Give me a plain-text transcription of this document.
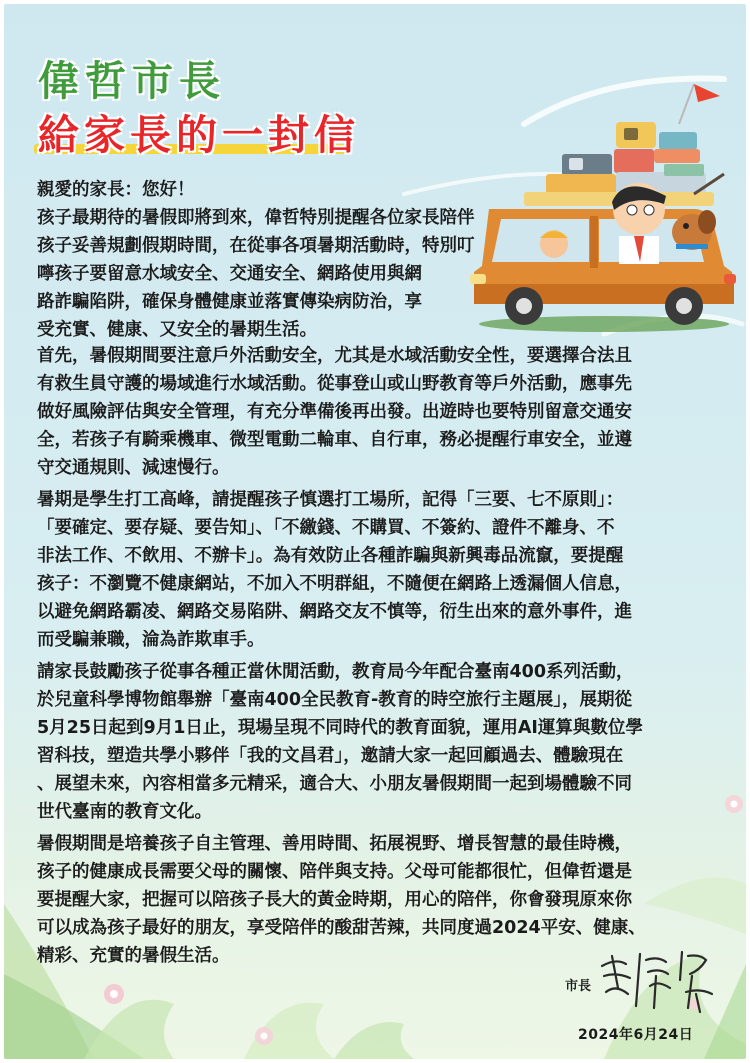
偉哲市長
給家長的一封信
親愛的家長：您好！
孩子最期待的暑假即將到來，偉哲特別提醒各位家長陪伴
孩子妥善規劃假期時間，在從事各項暑期活動時，特別叮
嚀孩子要留意水域安全、交通安全、網路使用與網
路詐騙陷阱，確保身體健康並落實傳染病防治，享
受充實、健康、又安全的暑期生活。
首先，暑假期間要注意戶外活動安全，尤其是水域活動安全性，要選擇合法且
有救生員守護的場域進行水域活動。從事登山或山野教育等戶外活動，應事先
做好風險評估與安全管理，有充分準備後再出發。出遊時也要特別留意交通安
全，若孩子有騎乘機車、微型電動二輪車、自行車，務必提醒行車安全，並遵
守交通規則、減速慢行。
暑期是學生打工高峰，請提醒孩子慎選打工場所，記得「三要、七不原則」：
「要確定、要存疑、要告知」、「不繳錢、不購買、不簽約、證件不離身、不
非法工作、不飲用、不辦卡」。為有效防止各種詐騙與新興毒品流竄，要提醒
孩子：不瀏覽不健康網站，不加入不明群組，不隨便在網路上透漏個人信息，
以避免網路霸凌、網路交易陷阱、網路交友不慎等，衍生出來的意外事件，進
而受騙兼職，淪為詐欺車手。
請家長鼓勵孩子從事各種正當休閒活動，教育局今年配合臺南400系列活動，
於兒童科學博物館舉辦「臺南400全民教育-教育的時空旅行主題展」，展期從
5月25日起到9月1日止，現場呈現不同時代的教育面貌，運用AI運算與數位學
習科技，塑造共學小夥伴「我的文昌君」，邀請大家一起回顧過去、體驗現在
、展望未來，內容相當多元精采，適合大、小朋友暑假期間一起到場體驗不同
世代臺南的教育文化。
暑假期間是培養孩子自主管理、善用時間、拓展視野、增長智慧的最佳時機，
孩子的健康成長需要父母的關懷、陪伴與支持。父母可能都很忙，但偉哲還是
要提醒大家，把握可以陪孩子長大的黃金時期，用心的陪伴，你會發現原來你
可以成為孩子最好的朋友，享受陪伴的酸甜苦辣，共同度過2024平安、健康、
精彩、充實的暑假生活。
市長
2024年6月24日
